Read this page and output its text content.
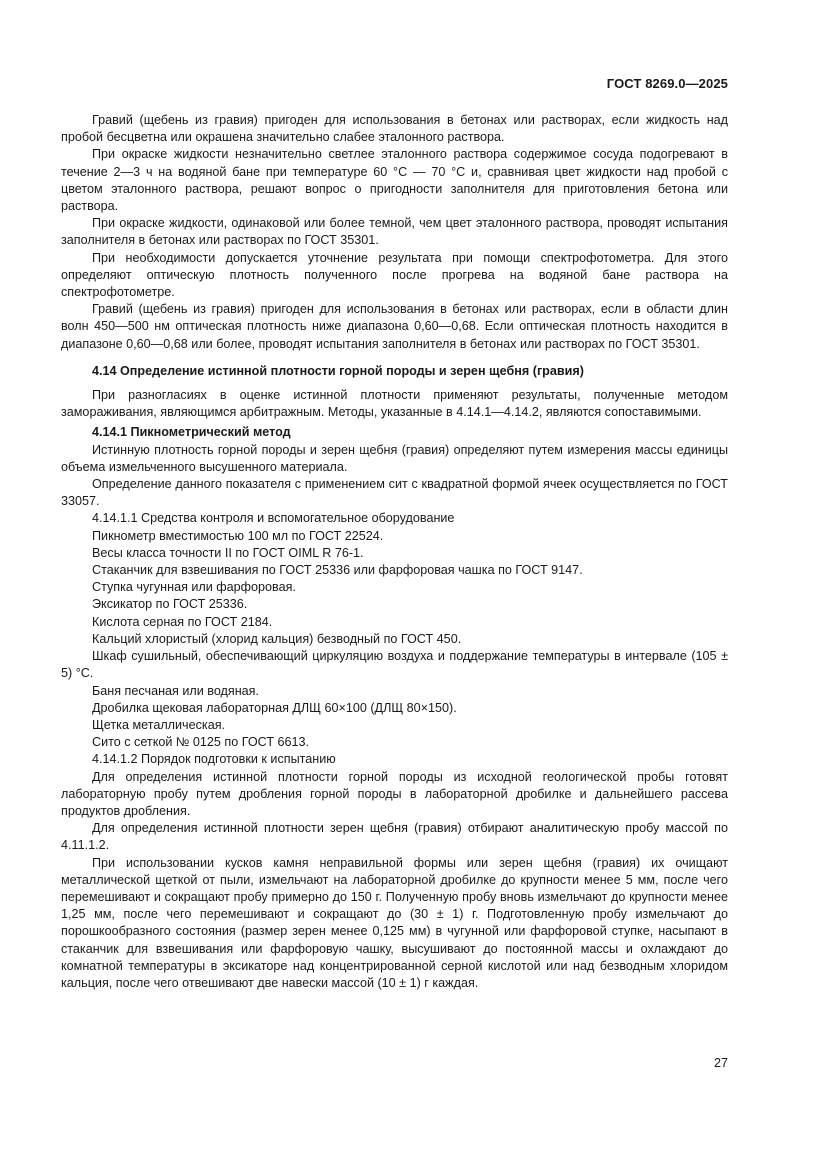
ГОСТ 8269.0—2025

Гравий (щебень из гравия) пригоден для использования в бетонах или растворах, если жидкость над пробой бесцветна или окрашена значительно слабее эталонного раствора.

При окраске жидкости незначительно светлее эталонного раствора содержимое сосуда подогревают в течение 2—3 ч на водяной бане при температуре 60 °С — 70 °С и, сравнивая цвет жидкости над пробой с цветом эталонного раствора, решают вопрос о пригодности заполнителя для приготовления бетона или раствора.

При окраске жидкости, одинаковой или более темной, чем цвет эталонного раствора, проводят испытания заполнителя в бетонах или растворах по ГОСТ 35301.

При необходимости допускается уточнение результата при помощи спектрофотометра. Для этого определяют оптическую плотность полученного после прогрева на водяной бане раствора на спектрофотометре.

Гравий (щебень из гравия) пригоден для использования в бетонах или растворах, если в области длин волн 450—500 нм оптическая плотность ниже диапазона 0,60—0,68. Если оптическая плотность находится в диапазоне 0,60—0,68 или более, проводят испытания заполнителя в бетонах или растворах по ГОСТ 35301.

4.14 Определение истинной плотности горной породы и зерен щебня (гравия)

При разногласиях в оценке истинной плотности применяют результаты, полученные методом замораживания, являющимся арбитражным. Методы, указанные в 4.14.1—4.14.2, являются сопоставимыми.

4.14.1 Пикнометрический метод

Истинную плотность горной породы и зерен щебня (гравия) определяют путем измерения массы единицы объема измельченного высушенного материала.

Определение данного показателя с применением сит с квадратной формой ячеек осуществляется по ГОСТ 33057.

4.14.1.1 Средства контроля и вспомогательное оборудование

Пикнометр вместимостью 100 мл по ГОСТ 22524.

Весы класса точности II по ГОСТ OIML R 76-1.

Стаканчик для взвешивания по ГОСТ 25336 или фарфоровая чашка по ГОСТ 9147.

Ступка чугунная или фарфоровая.

Эксикатор по ГОСТ 25336.

Кислота серная по ГОСТ 2184.

Кальций хлористый (хлорид кальция) безводный по ГОСТ 450.

Шкаф сушильный, обеспечивающий циркуляцию воздуха и поддержание температуры в интервале (105 ± 5) °С.

Баня песчаная или водяная.

Дробилка щековая лабораторная ДЛЩ 60×100 (ДЛЩ 80×150).

Щетка металлическая.

Сито с сеткой № 0125 по ГОСТ 6613.

4.14.1.2 Порядок подготовки к испытанию

Для определения истинной плотности горной породы из исходной геологической пробы готовят лабораторную пробу путем дробления горной породы в лабораторной дробилке и дальнейшего рассева продуктов дробления.

Для определения истинной плотности зерен щебня (гравия) отбирают аналитическую пробу массой по 4.11.1.2.

При использовании кусков камня неправильной формы или зерен щебня (гравия) их очищают металлической щеткой от пыли, измельчают на лабораторной дробилке до крупности менее 5 мм, после чего перемешивают и сокращают пробу примерно до 150 г. Полученную пробу вновь измельчают до крупности менее 1,25 мм, после чего перемешивают и сокращают до (30 ± 1) г. Подготовленную пробу измельчают до порошкообразного состояния (размер зерен менее 0,125 мм) в чугунной или фарфоровой ступке, насыпают в стаканчик для взвешивания или фарфоровую чашку, высушивают до постоянной массы и охлаждают до комнатной температуры в эксикаторе над концентрированной серной кислотой или над безводным хлоридом кальция, после чего отвешивают две навески массой (10 ± 1) г каждая.

27
